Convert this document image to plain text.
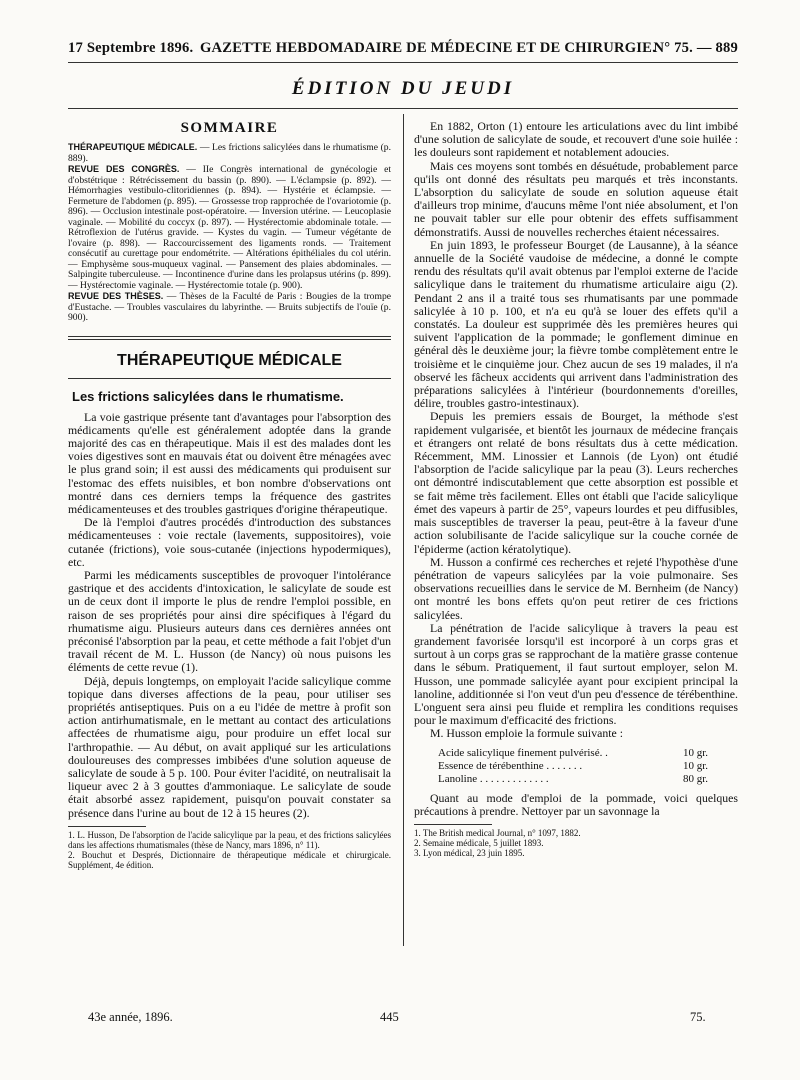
17 Septembre 1896. GAZETTE HEBDOMADAIRE DE MÉDECINE ET DE CHIRURGIE.
N° 75. — 889
ÉDITION DU JEUDI
SOMMAIRE

THÉRAPEUTIQUE MÉDICALE. — Les frictions salicylées dans le rhumatisme (p. 889).

REVUE DES CONGRÈS. — IIe Congrès international de gynécologie et d'obstétrique : Rétrécissement du bassin (p. 890). — L'éclampsie (p. 892). — Hémorrhagies vestibulo-clitoridiennes (p. 894). — Hystérie et éclampsie. — Fermeture de l'abdomen (p. 895). — Grossesse trop rapprochée de l'ovariotomie (p. 896). — Occlusion intestinale post-opératoire. — Inversion utérine. — Leucoplasie vaginale. — Mobilité du coccyx (p. 897). — Hystérectomie abdominale totale. — Rétroflexion de l'utérus gravide. — Kystes du vagin. — Tumeur végétante de l'ovaire (p. 898). — Raccourcissement des ligaments ronds. — Traitement consécutif au curettage pour endométrite. — Altérations épithéliales du col utérin. — Emphysème sous-muqueux vaginal. — Pansement des plaies abdominales. — Salpingite tuberculeuse. — Incontinence d'urine dans les prolapsus utérins (p. 899). — Hystérectomie vaginale. — Hystérectomie totale (p. 900).

REVUE DES THÈSES. — Thèses de la Faculté de Paris : Bougies de la trompe d'Eustache. — Troubles vasculaires du labyrinthe. — Bruits subjectifs de l'ouïe (p. 900).

THÉRAPEUTIQUE MÉDICALE
Les frictions salicylées dans le rhumatisme.

La voie gastrique présente tant d'avantages pour l'absorption des médicaments qu'elle est généralement adoptée dans la grande majorité des cas en thérapeutique. Mais il est des malades dont les voies digestives sont en mauvais état ou doivent être ménagées avec le plus grand soin; il est aussi des médicaments qui produisent sur l'estomac des effets nuisibles, et bon nombre d'observations ont montré dans ces derniers temps la fréquence des gastrites médicamenteuses et des troubles gastriques d'origine thérapeutique.

De là l'emploi d'autres procédés d'introduction des substances médicamenteuses : voie rectale (lavements, suppositoires), voie cutanée (frictions), voie sous-cutanée (injections hypodermiques), etc.

Parmi les médicaments susceptibles de provoquer l'intolérance gastrique et des accidents d'intoxication, le salicylate de soude est un de ceux dont il importe le plus de rendre l'emploi possible, en raison de ses propriétés pour ainsi dire spécifiques à l'égard du rhumatisme aigu. Plusieurs auteurs dans ces dernières années ont préconisé l'absorption par la peau, et cette méthode a fait l'objet d'un travail récent de M. L. Husson (de Nancy) où nous puisons les éléments de cette revue (1).

Déjà, depuis longtemps, on employait l'acide salicylique comme topique dans diverses affections de la peau, pour utiliser ses propriétés antiseptiques. Puis on a eu l'idée de mettre à profit son action antirhumatismale, en le mettant au contact des articulations affectées de rhumatisme aigu, pour produire un effet local sur l'arthropathie. — Au début, on avait appliqué sur les articulations douloureuses des compresses imbibées d'une solution aqueuse de salicylate de soude à 5 p. 100. Pour éviter l'acidité, on neutralisait la liqueur avec 2 à 3 gouttes d'ammoniaque. Le salicylate de soude était absorbé assez rapidement, puisqu'on pouvait constater sa présence dans l'urine au bout de 12 à 15 heures (2).

1. L. Husson, De l'absorption de l'acide salicylique par la peau, et des frictions salicylées dans les affections rhumatismales (thèse de Nancy, mars 1896, n° 11).

2. Bouchut et Després, Dictionnaire de thérapeutique médicale et chirurgicale. Supplément, 4e édition.

En 1882, Orton (1) entoure les articulations avec du lint imbibé d'une solution de salicylate de soude, et recouvert d'une soie huilée : les douleurs sont rapidement et notablement adoucies.

Mais ces moyens sont tombés en désuétude, probablement parce qu'ils ont donné des résultats peu marqués et très inconstants. L'absorption du salicylate de soude en solution aqueuse était d'ailleurs trop minime, d'aucuns même l'ont niée absolument, et l'on ne pouvait tabler sur elle pour obtenir des effets suffisamment démonstratifs. Aussi de nouvelles recherches étaient nécessaires.

En juin 1893, le professeur Bourget (de Lausanne), à la séance annuelle de la Société vaudoise de médecine, a donné le compte rendu des résultats qu'il avait obtenus par l'emploi externe de l'acide salicylique dans le traitement du rhumatisme articulaire aigu (2). Pendant 2 ans il a traité tous ses rhumatisants par une pommade salicylée à 10 p. 100, et n'a eu qu'à se louer des effets qu'il a constatés. La douleur est supprimée dès les premières heures qui suivent l'application de la pommade; le gonflement diminue en général dès le deuxième jour; la fièvre tombe complètement entre le troisième et le cinquième jour. Chez aucun de ses 19 malades, il n'a observé les fâcheux accidents qui arrivent dans l'administration des préparations salicylées à l'intérieur (bourdonnements d'oreilles, délire, troubles gastro-intestinaux).

Depuis les premiers essais de Bourget, la méthode s'est rapidement vulgarisée, et bientôt les journaux de médecine français et étrangers ont relaté de bons résultats dus à cette médication. Récemment, MM. Linossier et Lannois (de Lyon) ont étudié l'absorption de l'acide salicylique par la peau (3). Leurs recherches ont démontré indiscutablement que cette absorption est possible et se fait même très facilement. Elles ont établi que l'acide salicylique émet des vapeurs à partir de 25°, vapeurs lourdes et peu diffusibles, mais susceptibles de traverser la peau, peut-être à la faveur d'une action solubilisante de l'acide salicylique sur la couche cornée de l'épiderme (action kératolytique).

M. Husson a confirmé ces recherches et rejeté l'hypothèse d'une pénétration de vapeurs salicylées par la voie pulmonaire. Ses observations recueillies dans le service de M. Bernheim (de Nancy) ont montré les bons effets qu'on peut retirer de ces frictions salicylées.

La pénétration de l'acide salicylique à travers la peau est grandement favorisée lorsqu'il est incorporé à un corps gras et surtout à un corps gras se rapprochant de la matière grasse contenue dans le sébum. Pratiquement, il faut surtout employer, selon M. Husson, une pommade salicylée ayant pour excipient principal la lanoline, additionnée si l'on veut d'un peu d'essence de térébenthine. L'onguent sera ainsi peu fluide et remplira les conditions requises pour le maximum d'efficacité des frictions.

M. Husson emploie la formule suivante :

Acide salicylique finement pulvérisé. .	10 gr.
Essence de térébenthine . . . . . . .	10 gr.
Lanoline . . . . . . . . . . . . .	80 gr.

Quant au mode d'emploi de la pommade, voici quelques précautions à prendre. Nettoyer par un savonnage la

1. The British medical Journal, n° 1097, 1882.

2. Semaine médicale, 5 juillet 1893.

3. Lyon médical, 23 juin 1895.

43e année, 1896.	445	75.
